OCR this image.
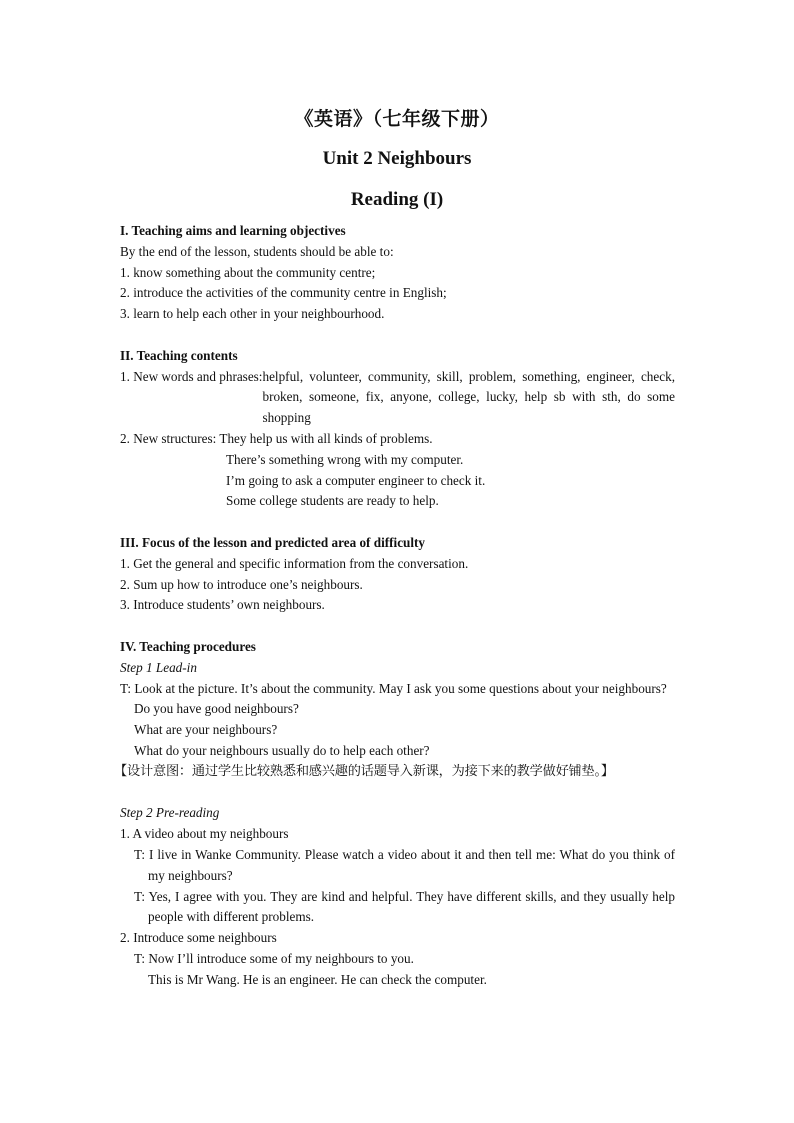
《英语》（七年级下册）
Unit 2 Neighbours
Reading (I)
I. Teaching aims and learning objectives
By the end of the lesson, students should be able to:
1. know something about the community centre;
2. introduce the activities of the community centre in English;
3. learn to help each other in your neighbourhood.
II. Teaching contents
1. New words and phrases: helpful, volunteer, community, skill, problem, something, engineer, check, broken, someone, fix, anyone, college, lucky, help sb with sth, do some shopping
2. New structures: They help us with all kinds of problems.
There’s something wrong with my computer.
I’m going to ask a computer engineer to check it.
Some college students are ready to help.
III. Focus of the lesson and predicted area of difficulty
1. Get the general and specific information from the conversation.
2. Sum up how to introduce one’s neighbours.
3. Introduce students’ own neighbours.
IV. Teaching procedures
Step 1 Lead-in
T: Look at the picture. It’s about the community. May I ask you some questions about your neighbours?
Do you have good neighbours?
What are your neighbours?
What do your neighbours usually do to help each other?
【设计意图：通过学生比较熟悉和感兴趣的话题导入新课，为接下来的教学做好铺垫。】
Step 2 Pre-reading
1. A video about my neighbours
T: I live in Wanke Community. Please watch a video about it and then tell me: What do you think of my neighbours?
T: Yes, I agree with you. They are kind and helpful. They have different skills, and they usually help people with different problems.
2. Introduce some neighbours
T: Now I’ll introduce some of my neighbours to you.
This is Mr Wang. He is an engineer. He can check the computer.
